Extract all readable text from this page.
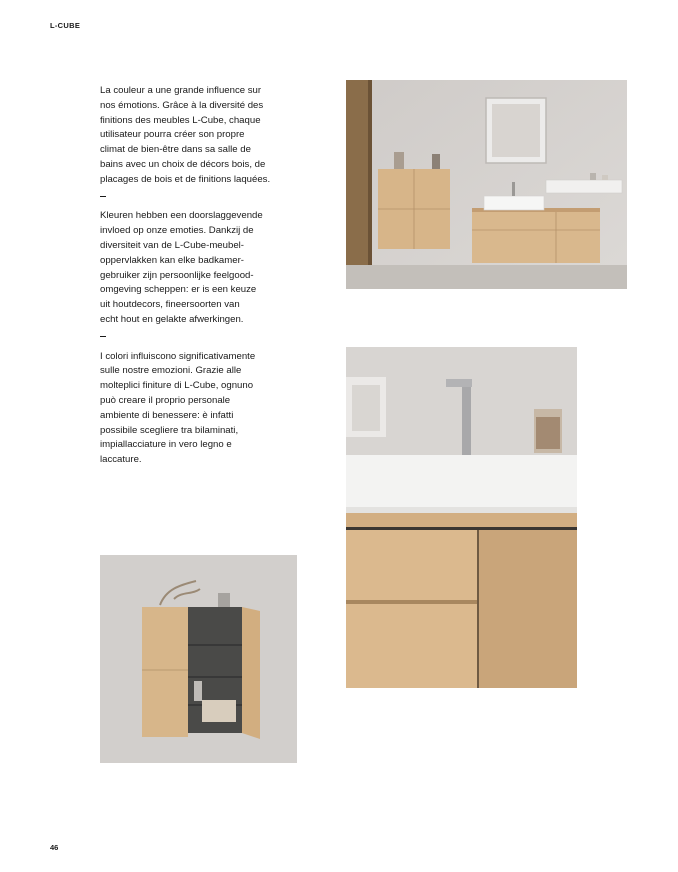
L-CUBE

La couleur a une grande influence sur
nos émotions. Grâce à la diversité des
finitions des meubles L-Cube, chaque
utilisateur pourra créer son propre
climat de bien-être dans sa salle de
bains avec un choix de décors bois, de
placages de bois et de finitions laquées.

Kleuren hebben een doorslaggevende
invloed op onze emoties. Dankzij de
diversiteit van de L-Cube-meubel-
oppervlakken kan elke badkamer-
gebruiker zijn persoonlijke feelgood-
omgeving scheppen: er is een keuze
uit houtdecors, fineersoorten van
echt hout en gelakte afwerkingen.

I colori influiscono significativamente
sulle nostre emozioni. Grazie alle
molteplici finiture di L-Cube, ognuno
può creare il proprio personale
ambiente di benessere: è infatti
possibile scegliere tra bilaminati,
impiallacciature in vero legno e
laccature.

46
